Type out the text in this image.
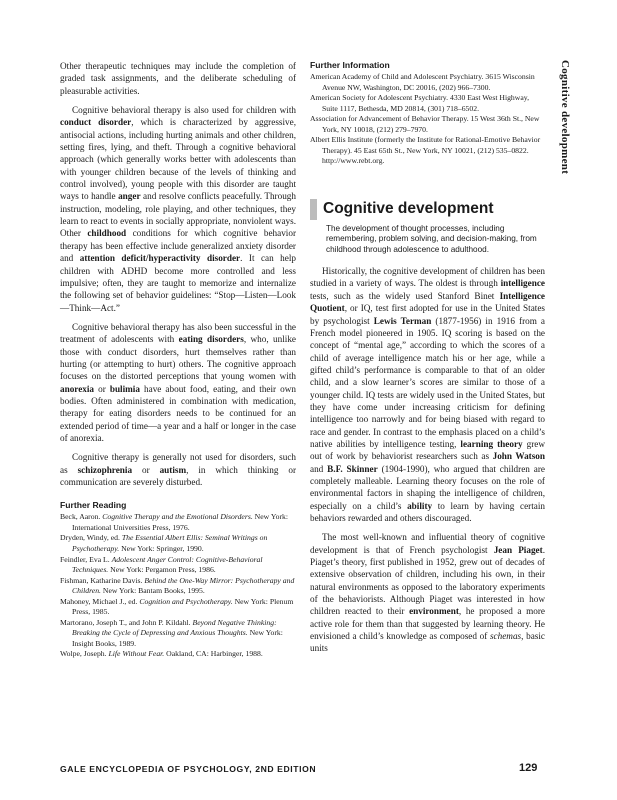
Cognitive development

Other therapeutic techniques may include the completion of graded task assignments, and the deliberate scheduling of pleasurable activities.

Cognitive behavioral therapy is also used for children with conduct disorder, which is characterized by aggressive, antisocial actions, including hurting animals and other children, setting fires, lying, and theft. Through a cognitive behavioral approach (which generally works better with adolescents than with younger children because of the levels of thinking and control involved), young people with this disorder are taught ways to handle anger and resolve conflicts peacefully. Through instruction, modeling, role playing, and other techniques, they learn to react to events in socially appropriate, nonviolent ways. Other childhood conditions for which cognitive behavior therapy has been effective include generalized anxiety disorder and attention deficit/hyperactivity disorder. It can help children with ADHD become more controlled and less impulsive; often, they are taught to memorize and internalize the following set of behavior guidelines: “Stop—Listen—Look—Think—Act.”

Cognitive behavioral therapy has also been successful in the treatment of adolescents with eating disorders, who, unlike those with conduct disorders, hurt themselves rather than hurting (or attempting to hurt) others. The cognitive approach focuses on the distorted perceptions that young women with anorexia or bulimia have about food, eating, and their own bodies. Often administered in combination with medication, therapy for eating disorders needs to be continued for an extended period of time—a year and a half or longer in the case of anorexia.

Cognitive therapy is generally not used for disorders, such as schizophrenia or autism, in which thinking or communication are severely disturbed.

Further Reading

Beck, Aaron. Cognitive Therapy and the Emotional Disorders. New York: International Universities Press, 1976.

Dryden, Windy, ed. The Essential Albert Ellis: Seminal Writings on Psychotherapy. New York: Springer, 1990.

Feindler, Eva L. Adolescent Anger Control: Cognitive-Behavioral Techniques. New York: Pergamon Press, 1986.

Fishman, Katharine Davis. Behind the One-Way Mirror: Psychotherapy and Children. New York: Bantam Books, 1995.

Mahoney, Michael J., ed. Cognition and Psychotherapy. New York: Plenum Press, 1985.

Martorano, Joseph T., and John P. Kildahl. Beyond Negative Thinking: Breaking the Cycle of Depressing and Anxious Thoughts. New York: Insight Books, 1989.

Wolpe, Joseph. Life Without Fear. Oakland, CA: Harbinger, 1988.

Further Information

American Academy of Child and Adolescent Psychiatry. 3615 Wisconsin Avenue NW, Washington, DC 20016, (202) 966–7300.

American Society for Adolescent Psychiatry. 4330 East West Highway, Suite 1117, Bethesda, MD 20814, (301) 718–6502.

Association for Advancement of Behavior Therapy. 15 West 36th St., New York, NY 10018, (212) 279–7970.

Albert Ellis Institute (formerly the Institute for Rational-Emotive Behavior Therapy). 45 East 65th St., New York, NY 10021, (212) 535–0822. http://www.rebt.org.

Cognitive development

The development of thought processes, including remembering, problem solving, and decision-making, from childhood through adolescence to adulthood.

Historically, the cognitive development of children has been studied in a variety of ways. The oldest is through intelligence tests, such as the widely used Stanford Binet Intelligence Quotient, or IQ, test first adopted for use in the United States by psychologist Lewis Terman (1877-1956) in 1916 from a French model pioneered in 1905. IQ scoring is based on the concept of “mental age,” according to which the scores of a child of average intelligence match his or her age, while a gifted child’s performance is comparable to that of an older child, and a slow learner’s scores are similar to those of a younger child. IQ tests are widely used in the United States, but they have come under increasing criticism for defining intelligence too narrowly and for being biased with regard to race and gender. In contrast to the emphasis placed on a child’s native abilities by intelligence testing, learning theory grew out of work by behaviorist researchers such as John Watson and B.F. Skinner (1904-1990), who argued that children are completely malleable. Learning theory focuses on the role of environmental factors in shaping the intelligence of children, especially on a child’s ability to learn by having certain behaviors rewarded and others discouraged.

The most well-known and influential theory of cognitive development is that of French psychologist Jean Piaget. Piaget’s theory, first published in 1952, grew out of decades of extensive observation of children, including his own, in their natural environments as opposed to the laboratory experiments of the behaviorists. Although Piaget was interested in how children reacted to their environment, he proposed a more active role for them than that suggested by learning theory. He envisioned a child’s knowledge as composed of schemas, basic units

GALE ENCYCLOPEDIA OF PSYCHOLOGY, 2ND EDITION	129
